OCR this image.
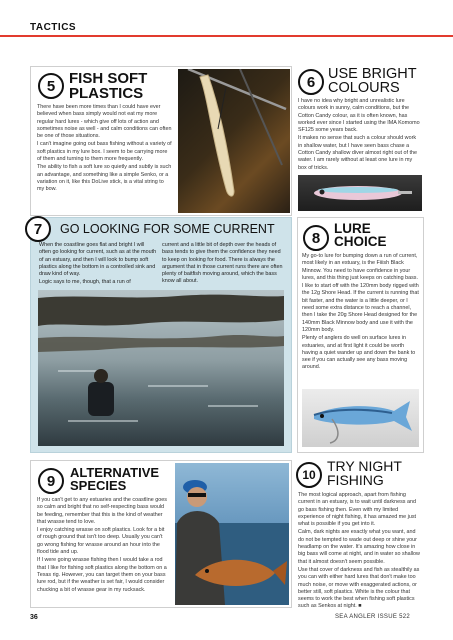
TACTICS
5 FISH SOFT
PLASTICS

There have been more times than I could have ever believed when bass simply would not eat my more regular hard lures - which give off lots of action and sometimes noise as well - and calm conditions can often be one of those situations.

I can't imagine going out bass fishing without a variety of soft plastics in my lure box. I seem to be carrying more of them and turning to them more frequently.

The ability to fish a soft lure so quietly and subtly is such an advantage, and something like a simple Senko, or a variation on it, like this DoLive stick, is a vital string to my bow.

6 USE BRIGHT
COLOURS

I have no idea why bright and unrealistic lure colours work in sunny, calm conditions, but the Cotton Candy colour, as it is often known, has worked ever since I started using the IMA Komomo SF125 some years back.

It makes no sense that such a colour should work in shallow water, but I have seen bass chase a Cotton Candy shallow diver almost right out of the water. I am rarely without at least one lure in my box of tricks.

7	GO LOOKING FOR SOME CURRENT

When the coastline goes flat and bright I will often go looking for current, such as at the mouth of an estuary, and then I will look to bump soft plastics along the bottom in a controlled sink and draw kind of way.

Logic says to me, though, that a run of

current and a little bit of depth over the heads of bass tends to give them the confidence they need to keep on looking for food. There is always the argument that in those current runs there are often plenty of baitfish moving around, which the bass know all about.

8
LURE
CHOICE

My go-to lure for bumping down a run of current, most likely in an estuary, is the Fiiish Black Minnow. You need to have confidence in your lures, and this thing just keeps on catching bass.

I like to start off with the 120mm body rigged with the 12g Shore Head. If the current is running that bit faster, and the water is a little deeper, or I need some extra distance to reach a channel, then I take the 20g Shore Head designed for the 140mm Black Minnow body and use it with the 120mm body.

Plenty of anglers do well on surface lures in estuaries, and at first light it could be worth having a quiet wander up and down the bank to see if you can actually see any bass moving around.

9	ALTERNATIVE
SPECIES

If you can't get to any estuaries and the coastline goes so calm and bright that no self-respecting bass would be feeding, remember that this is the kind of weather that wrasse tend to love.

I enjoy catching wrasse on soft plastics. Look for a bit of rough ground that isn't too deep. Usually you can't go wrong fishing for wrasse around an hour into the flood tide and up.

If I were going wrasse fishing then I would take a rod that I like for fishing soft plastics along the bottom on a Texas rig. However, you can target them on your bass lure rod, but if the weather is set fair, I would consider chucking a bit of wrasse gear in my rucksack.

10
TRY NIGHT
FISHING

The most logical approach, apart from fishing current in an estuary, is to wait until darkness and go bass fishing then. Even with my limited experience of night fishing, it has amazed me just what is possible if you get into it.

Calm, dark nights are exactly what you want, and do not be tempted to wade out deep or shine your headlamp on the water. It's amazing how close in big bass will come at night, and in water so shallow that it almost doesn't seem possible.

Use that cover of darkness and fish as stealthily as you can with either hard lures that don't make too much noise, or move with exaggerated actions, or better still, soft plastics. White is the colour that seems to work the best when fishing soft plastics such as Senkos at night. ■

36	SEA ANGLER ISSUE 522
